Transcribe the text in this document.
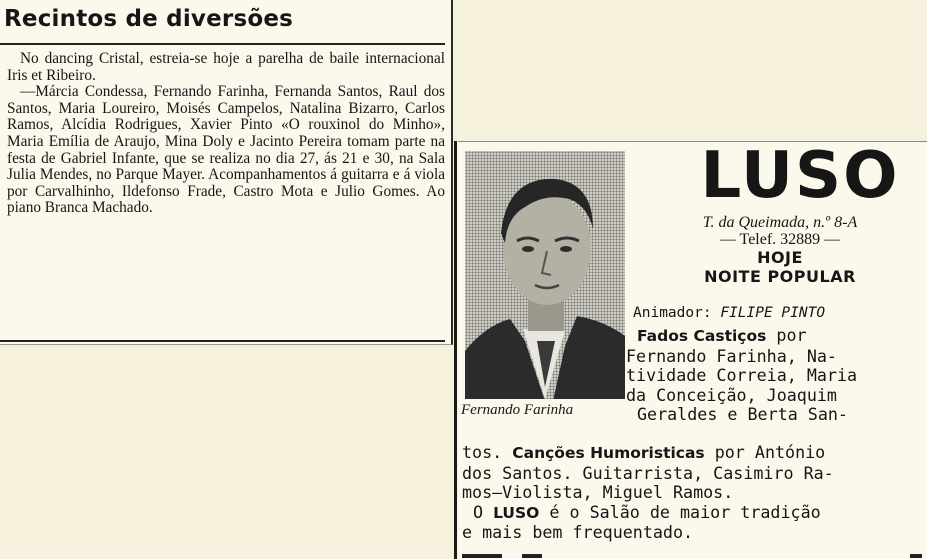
Recintos de diversões

No dancing Cristal, estreia-se hoje a parelha de baile internacional Iris et Ribeiro.

—Márcia Condessa, Fernando Farinha, Fernanda Santos, Raul dos Santos, Maria Loureiro, Moisés Campelos, Natalina Bizarro, Carlos Ramos, Alcídia Rodrigues, Xavier Pinto «O rouxinol do Minho», Maria Emília de Araujo, Mina Doly e Jacinto Pereira tomam parte na festa de Gabriel Infante, que se realiza no dia 27, ás 21 e 30, na Sala Julia Mendes, no Parque Mayer. Acompanhamentos á guitarra e á viola por Carvalhinho, Ildefonso Frade, Castro Mota e Julio Gomes. Ao piano Branca Machado.

Fernando Farinha

LUSO

T. da Queimada, n.º 8-A

— Telef. 32889 —

HOJE

NOITE POPULAR

Animador: FILIPE PINTO

Fados Castiços por
Fernando Farinha, Na-
tividade Correia, Maria
da Conceição, Joaquim
Geraldes e Berta San-
tos. Canções Humoristicas por António
dos Santos. Guitarrista, Casimiro Ra-
mos—Violista, Miguel Ramos.
O LUSO é o Salão de maior tradição
e mais bem frequentado.
